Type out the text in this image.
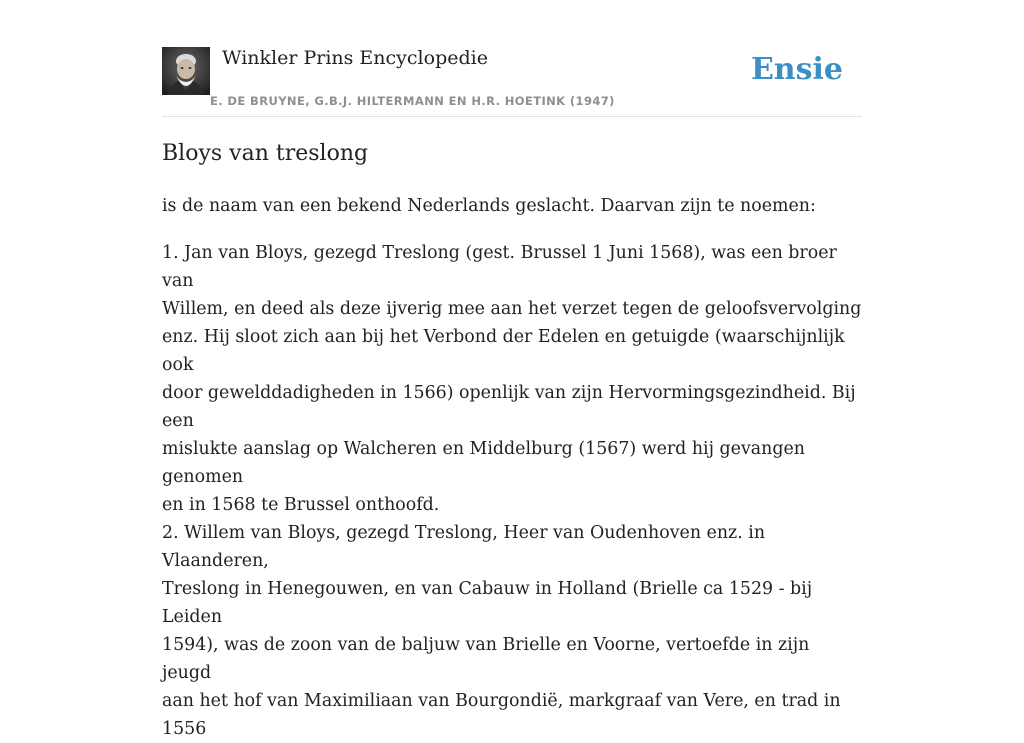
Winkler Prins Encyclopedie
E. DE BRUYNE, G.B.J. HILTERMANN EN H.R. HOETINK (1947)
Ensie
Bloys van treslong

is de naam van een bekend Nederlands geslacht. Daarvan zijn te noemen:

1. Jan van Bloys, gezegd Treslong (gest. Brussel 1 Juni 1568), was een broer van
Willem, en deed als deze ijverig mee aan het verzet tegen de geloofsvervolging
enz. Hij sloot zich aan bij het Verbond der Edelen en getuigde (waarschijnlijk ook
door gewelddadigheden in 1566) openlijk van zijn Hervormingsgezindheid. Bij een
mislukte aanslag op Walcheren en Middelburg (1567) werd hij gevangen genomen
en in 1568 te Brussel onthoofd.
2. Willem van Bloys, gezegd Treslong, Heer van Oudenhoven enz. in Vlaanderen,
Treslong in Henegouwen, en van Cabauw in Holland (Brielle ca 1529 - bij Leiden
1594), was de zoon van de baljuw van Brielle en Voorne, vertoefde in zijn jeugd
aan het hof van Maximiliaan van Bourgondië, markgraaf van Vere, en trad in 1556
